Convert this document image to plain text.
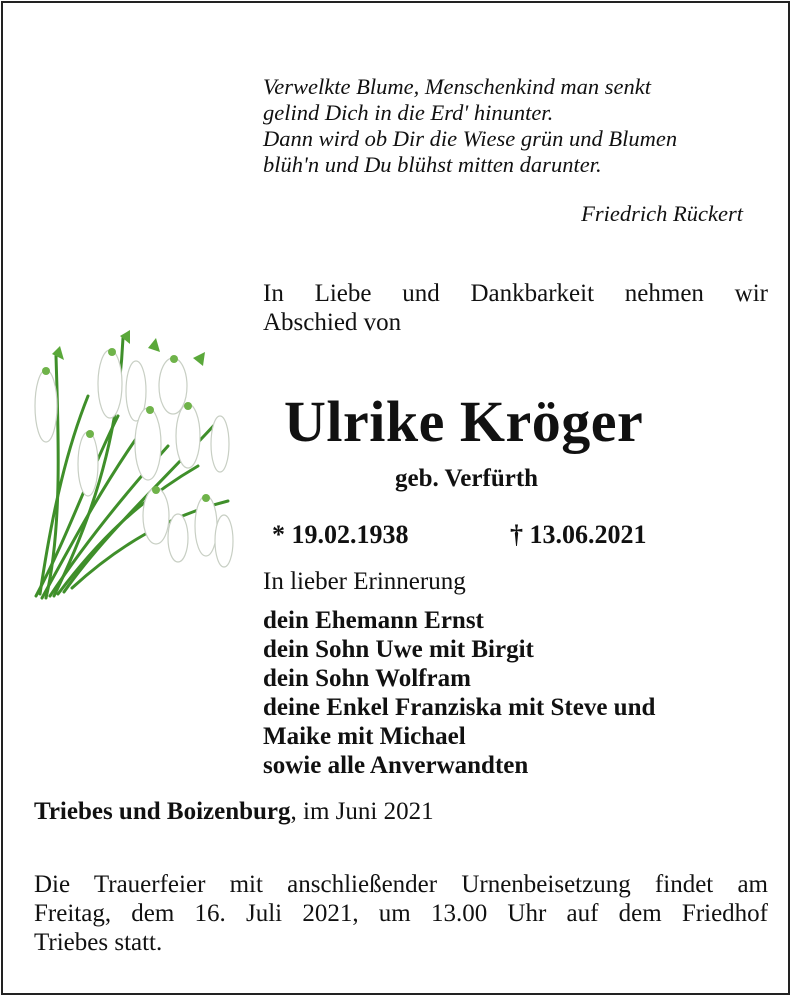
Verwelkte Blume, Menschenkind man senkt
gelind Dich in die Erd' hinunter.
Dann wird ob Dir die Wiese grün und Blumen
blüh'n und Du blühst mitten darunter.
Friedrich Rückert
In Liebe und Dankbarkeit nehmen wir
Abschied von
Ulrike Kröger
geb. Verfürth
* 19.02.1938	† 13.06.2021
In lieber Erinnerung
dein Ehemann Ernst
dein Sohn Uwe mit Birgit
dein Sohn Wolfram
deine Enkel Franziska mit Steve und
Maike mit Michael
sowie alle Anverwandten
Triebes und Boizenburg, im Juni 2021
Die Trauerfeier mit anschließender Urnenbeisetzung findet am
Freitag, dem 16. Juli 2021, um 13.00 Uhr auf dem Friedhof
Triebes statt.
